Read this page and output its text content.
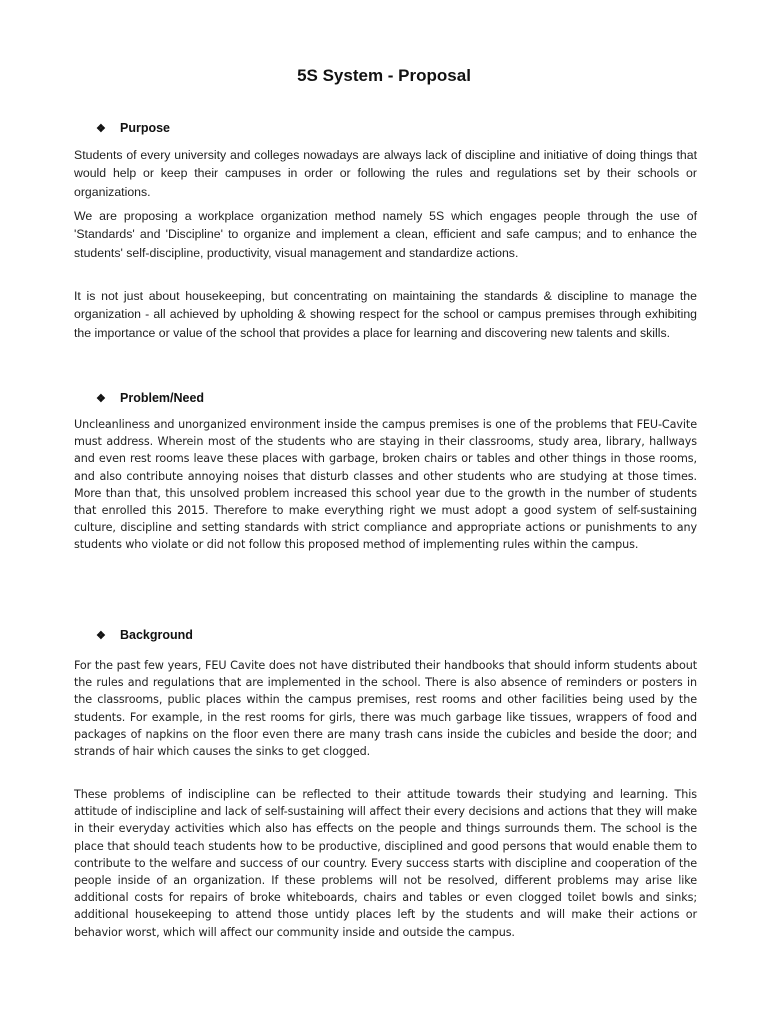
5S System - Proposal
❖ Purpose

Students of every university and colleges nowadays are always lack of discipline and initiative of doing things that would help or keep their campuses in order or following the rules and regulations set by their schools or organizations.

We are proposing a workplace organization method namely 5S which engages people through the use of 'Standards' and 'Discipline' to organize and implement a clean, efficient and safe campus; and to enhance the students' self-discipline, productivity, visual management and standardize actions.

It is not just about housekeeping, but concentrating on maintaining the standards & discipline to manage the organization - all achieved by upholding & showing respect for the school or campus premises through exhibiting the importance or value of the school that provides a place for learning and discovering new talents and skills.

❖ Problem/Need

Uncleanliness and unorganized environment inside the campus premises is one of the problems that FEU-Cavite must address. Wherein most of the students who are staying in their classrooms, study area, library, hallways and even rest rooms leave these places with garbage, broken chairs or tables and other things in those rooms, and also contribute annoying noises that disturb classes and other students who are studying at those times. More than that, this unsolved problem increased this school year due to the growth in the number of students that enrolled this 2015. Therefore to make everything right we must adopt a good system of self-sustaining culture, discipline and setting standards with strict compliance and appropriate actions or punishments to any students who violate or did not follow this proposed method of implementing rules within the campus.

❖ Background

For the past few years, FEU Cavite does not have distributed their handbooks that should inform students about the rules and regulations that are implemented in the school. There is also absence of reminders or posters in the classrooms, public places within the campus premises, rest rooms and other facilities being used by the students. For example, in the rest rooms for girls, there was much garbage like tissues, wrappers of food and packages of napkins on the floor even there are many trash cans inside the cubicles and beside the door; and strands of hair which causes the sinks to get clogged.

These problems of indiscipline can be reflected to their attitude towards their studying and learning. This attitude of indiscipline and lack of self-sustaining will affect their every decisions and actions that they will make in their everyday activities which also has effects on the people and things surrounds them. The school is the place that should teach students how to be productive, disciplined and good persons that would enable them to contribute to the welfare and success of our country. Every success starts with discipline and cooperation of the people inside of an organization. If these problems will not be resolved, different problems may arise like additional costs for repairs of broke whiteboards, chairs and tables or even clogged toilet bowls and sinks; additional housekeeping to attend those untidy places left by the students and will make their actions or behavior worst, which will affect our community inside and outside the campus.
